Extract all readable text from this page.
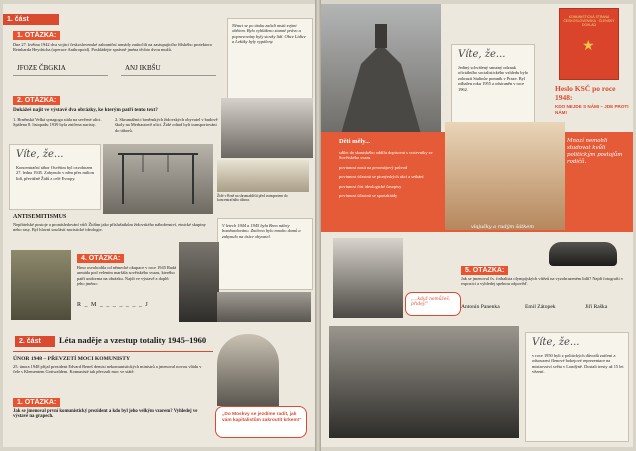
1. část
1. OTÁZKA:
Dne 27. května 1942 dva vojáci československé zahraniční armády zaútočili na zastupujícího říšského protektora Reinharda Heydricha (operace Anthropoid). Poskládejte správně jména těchto dvou mužů.
JFOZE ČBGKIA	ANJ IKBŠU
Němci se po útoku začali mstít svými obětem. Bylo vyhlášeno stanné právo a popravovány byly stovky lidí. Obce Lidice a Ležáky byly vypáleny.
2. OTÁZKA:
Dokážeš najít ve výstavě dva obrázky, ke kterým patří tento text?
1. Brněnská Velká synagoga stála na sevřené ulici. Spálena 8. listopadu 1939 byla zničena nacisty.
2. Skrumážníci brněnských židovských obyvatel v budově školy na Merhautově ulici. Židé odtud byli transportováni do táborů.
Víte, že...
Koncentrační tábor Osvětim byl osvobozen 27. ledna 1945. Zahynulo v něm přes milion lidí, převážně Židů z celé Evropy.
Židé v Brně na shromaždišti před transportem do koncentračního tábora.
ANTISEMITISMUS
Nepřátelské postoje a pronásledování vůči Židům jako příslušníkům židovského náboženství, etnické skupiny nebo rasy. Byl hlavní součástí nacistické ideologie.
V letech 1944 a 1945 byla Brno nálety bombardováno. Zničeno bylo mnoho domů a zahynulo na tisíce obyvatel.
4. OTÁZKA:
Brno osvobodila od německé okupace v roce 1945 Rudá armáda pod velením maršála sovětského svazu, kterého patří uniforma na obrázku. Najdi ve výstavě a doplň jeho jméno:
R _ M _ _ _ _ _ _ _ J
2. část	Léta naděje a vzestup totality 1945–1960
ÚNOR 1948 – PŘEVZETÍ MOCI KOMUNISTY
25. února 1948 přijal prezident Edvard Beneš demisi nekomunistických ministrů a jmenoval novou vládu v čele s Klementem Gottwaldem. Komunisté tak převzali moc ve státě.
1. OTÁZKA:
Jak se jmenoval první komunistický prezident a kdo byl jeho velkým vzorem? Vyhledej ve výstavě na grapech.	„Do Moskvy se jezdíme radit, jak vám kapitalistům zakroutit krkem!“
Víte, že...
Jediný schválený smutný odznak oficiálního socialistického vzhledu bylo zobrazit Stalinův pomník v Praze. Byl odhalen roku 1955 a odstraněn v roce 1962.
KOMUNISTICKÁ STRANA ČESKOSLOVENSKA · ČLENSKÝ DOKLAD
★
Heslo KSČ po roce 1948:
KDO NEJDE S NÁMI – JDE PROTI NÁM!
Děti měly...
sdílet do skautského oddílu dopisovat s vrstevníky ze Sovětského svazu
povinnost nosit na prvomájový průvod
povinnost účastnit se pionýrských akcí a setkání
povinnost číst ideologické časopisy
povinnost účastnit se spartakiády
Mnozí nemohli studovat kvůli politickým postojům rodičů.
vlajušky a rudým šátkem
„...když nemůžeš, přidej!“
5. OTÁZKA:
Jak se jmenoval čs. fotbalista olympijských vítězů na vyzobrazeném lidíí? Najdi fotografii v expozici a vyhledej spelnou odpověď.
Antonín Panenka	Emil Zátopek	Jiří Raška
Víte, že...
v roce 1950 byli z politických důvodů zatčeni a odsouzeni členové hokejové reprezentace na mistrovství světa v Londýně. Dostali tresty až 15 let vězení.
